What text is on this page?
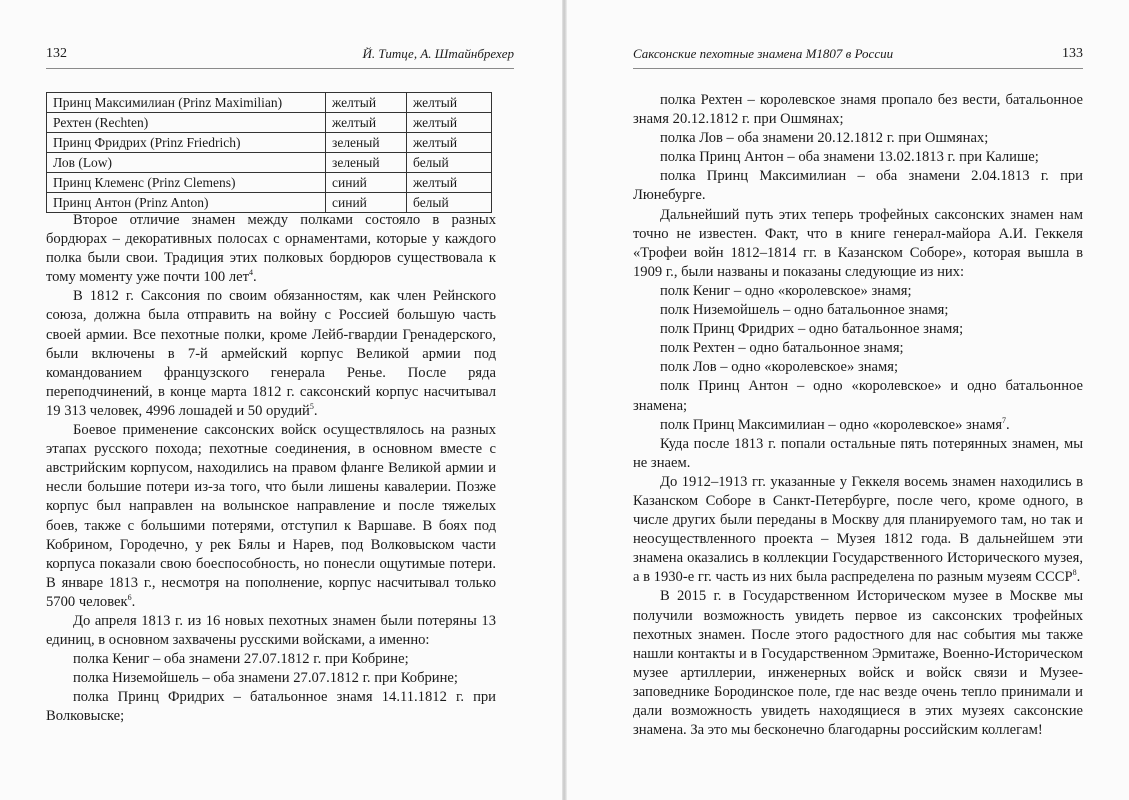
132	Й. Титце, А. Штайнбрехер	Саксонские пехотные знамена M1807 в России	133
Принц Максимилиан (Prinz Maximilian)	желтый	желтый
Рехтен (Rechten)	желтый	желтый
Принц Фридрих (Prinz Friedrich)	зеленый	желтый
Лов (Low)	зеленый	белый
Принц Клеменс (Prinz Clemens)	синий	желтый
Принц Антон (Prinz Anton)	синий	белый

Второе отличие знамен между полками состояло в разных бордюрах – декоративных полосах с орнаментами, которые у каждого полка были свои. Традиция этих полковых бордюров существовала к тому моменту уже почти 100 лет$^4$.

В 1812 г. Саксония по своим обязанностям, как член Рейнского союза, должна была отправить на войну с Россией большую часть своей армии. Все пехотные полки, кроме Лейб-гвардии Гренадерского, были включены в 7-й армейский корпус Великой армии под командованием французского генерала Ренье. После ряда переподчинений, в конце марта 1812 г. саксонский корпус насчитывал 19 313 человек, 4996 лошадей и 50 орудий$^5$.

Боевое применение саксонских войск осуществлялось на разных этапах русского похода; пехотные соединения, в основном вместе с австрийским корпусом, находились на правом фланге Великой армии и несли большие потери из-за того, что были лишены кавалерии. Позже корпус был направлен на волынское направление и после тяжелых боев, также с большими потерями, отступил к Варшаве. В боях под Кобрином, Городечно, у рек Бялы и Нарев, под Волковыском части корпуса показали свою боеспособность, но понесли ощутимые потери. В январе 1813 г., несмотря на пополнение, корпус насчитывал только 5700 человек$^6$.

До апреля 1813 г. из 16 новых пехотных знамен были потеряны 13 единиц, в основном захвачены русскими войсками, а именно:

полка Кениг – оба знамени 27.07.1812 г. при Кобрине;

полка Низемойшель – оба знамени 27.07.1812 г. при Кобрине;

полка Принц Фридрих – батальонное знамя 14.11.1812 г. при Волковыске;

полка Рехтен – королевское знамя пропало без вести, батальонное знамя 20.12.1812 г. при Ошмянах;

полка Лов – оба знамени 20.12.1812 г. при Ошмянах;

полка Принц Антон – оба знамени 13.02.1813 г. при Калише;

полка Принц Максимилиан – оба знамени 2.04.1813 г. при Люнебурге.

Дальнейший путь этих теперь трофейных саксонских знамен нам точно не известен. Факт, что в книге генерал-майора А.И. Геккеля «Трофеи войн 1812–1814 гг. в Казанском Соборе», которая вышла в 1909 г., были названы и показаны следующие из них:

полк Кениг – одно «королевское» знамя;

полк Низемойшель – одно батальонное знамя;

полк Принц Фридрих – одно батальонное знамя;

полк Рехтен – одно батальонное знамя;

полк Лов – одно «королевское» знамя;

полк Принц Антон – одно «королевское» и одно батальонное знамена;

полк Принц Максимилиан – одно «королевское» знамя$^7$.

Куда после 1813 г. попали остальные пять потерянных знамен, мы не знаем.

До 1912–1913 гг. указанные у Геккеля восемь знамен находились в Казанском Соборе в Санкт-Петербурге, после чего, кроме одного, в числе других были переданы в Москву для планируемого там, но так и неосуществленного проекта – Музея 1812 года. В дальнейшем эти знамена оказались в коллекции Государственного Исторического музея, а в 1930-е гг. часть из них была распределена по разным музеям СССР$^8$.

В 2015 г. в Государственном Историческом музее в Москве мы получили возможность увидеть первое из саксонских трофейных пехотных знамен. После этого радостного для нас события мы также нашли контакты и в Государственном Эрмитаже, Военно-Историческом музее артиллерии, инженерных войск и войск связи и Музее-заповеднике Бородинское поле, где нас везде очень тепло принимали и дали возможность увидеть находящиеся в этих музеях саксонские знамена. За это мы бесконечно благодарны российским коллегам!
